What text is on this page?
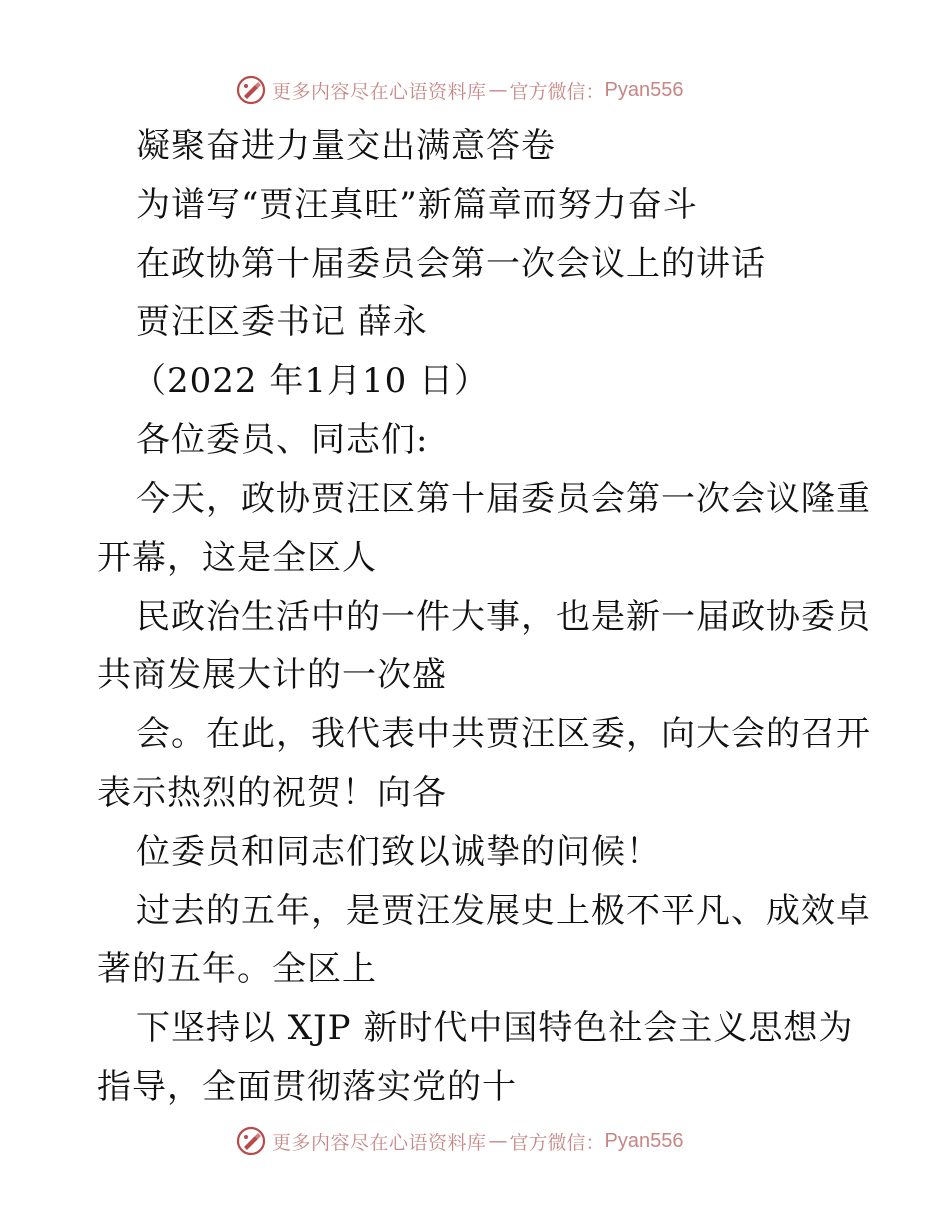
更多内容尽在心语资料库 — 官方微信： Pyan556
凝聚奋进力量交出满意答卷
为谱写“贾汪真旺”新篇章而努力奋斗
在政协第十届委员会第一次会议上的讲话
贾汪区委书记 薛永
（2022 年1月10 日）
各位委员、同志们:
今天，政协贾汪区第十届委员会第一次会议隆重
开幕，这是全区人
民政治生活中的一件大事，也是新一届政协委员
共商发展大计的一次盛
会。在此，我代表中共贾汪区委，向大会的召开
表示热烈的祝贺！向各
位委员和同志们致以诚挚的问候！
过去的五年，是贾汪发展史上极不平凡、成效卓
著的五年。全区上
下坚持以 XJP 新时代中国特色社会主义思想为
指导，全面贯彻落实党的十
更多内容尽在心语资料库 — 官方微信： Pyan556
